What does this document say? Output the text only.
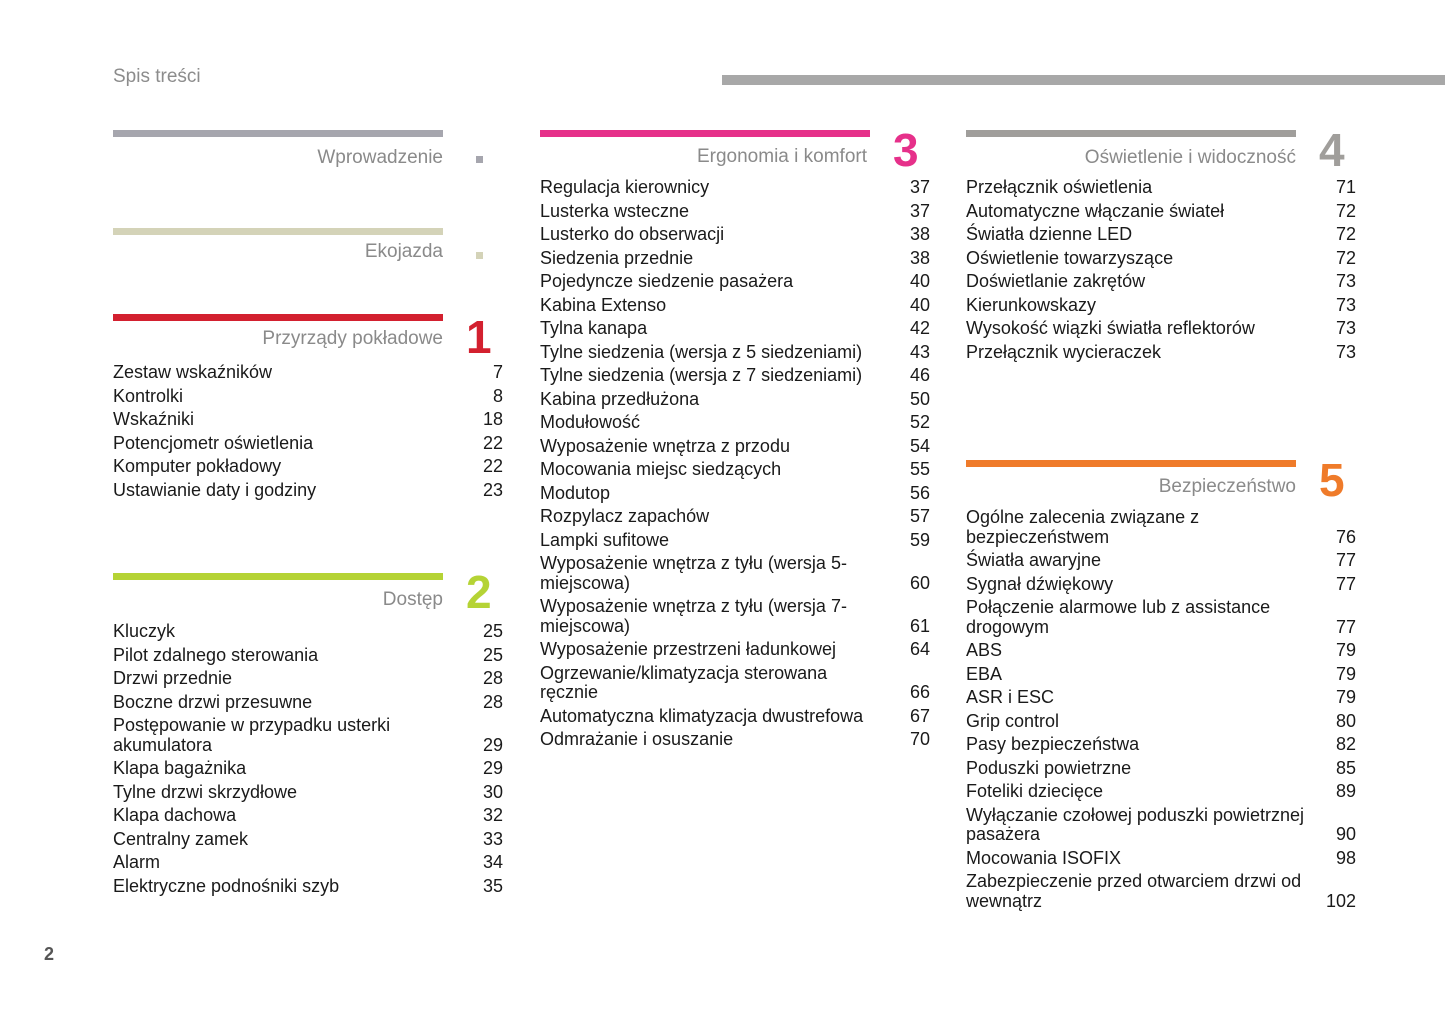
Spis treści
2
Wprowadzenie
Ekojazda
Przyrządy pokładowe 1
Zestaw wskaźników	7
Kontrolki	8
Wskaźniki	18
Potencjometr oświetlenia	22
Komputer pokładowy	22
Ustawianie daty i godziny	23
Dostęp 2
Kluczyk	25
Pilot zdalnego sterowania	25
Drzwi przednie	28
Boczne drzwi przesuwne	28
Postępowanie w przypadku usterki akumulatora	29
Klapa bagażnika	29
Tylne drzwi skrzydłowe	30
Klapa dachowa	32
Centralny zamek	33
Alarm	34
Elektryczne podnośniki szyb	35
Ergonomia i komfort 3
Regulacja kierownicy	37
Lusterka wsteczne	37
Lusterko do obserwacji	38
Siedzenia przednie	38
Pojedyncze siedzenie pasażera	40
Kabina Extenso	40
Tylna kanapa	42
Tylne siedzenia (wersja z 5 siedzeniami)	43
Tylne siedzenia (wersja z 7 siedzeniami)	46
Kabina przedłużona	50
Modułowość	52
Wyposażenie wnętrza z przodu	54
Mocowania miejsc siedzących	55
Modutop	56
Rozpylacz zapachów	57
Lampki sufitowe	59
Wyposażenie wnętrza z tyłu (wersja 5-miejscowa)	60
Wyposażenie wnętrza z tyłu (wersja 7-miejscowa)	61
Wyposażenie przestrzeni ładunkowej	64
Ogrzewanie/klimatyzacja sterowana ręcznie	66
Automatyczna klimatyzacja dwustrefowa	67
Odmrażanie i osuszanie	70
Oświetlenie i widoczność 4
Przełącznik oświetlenia	71
Automatyczne włączanie świateł	72
Światła dzienne LED	72
Oświetlenie towarzyszące	72
Doświetlanie zakrętów	73
Kierunkowskazy	73
Wysokość wiązki światła reflektorów	73
Przełącznik wycieraczek	73
Bezpieczeństwo 5
Ogólne zalecenia związane z bezpieczeństwem	76
Światła awaryjne	77
Sygnał dźwiękowy	77
Połączenie alarmowe lub z assistance drogowym	77
ABS	79
EBA	79
ASR i ESC	79
Grip control	80
Pasy bezpieczeństwa	82
Poduszki powietrzne	85
Foteliki dziecięce	89
Wyłączanie czołowej poduszki powietrznej pasażera	90
Mocowania ISOFIX	98
Zabezpieczenie przed otwarciem drzwi od wewnątrz	102
